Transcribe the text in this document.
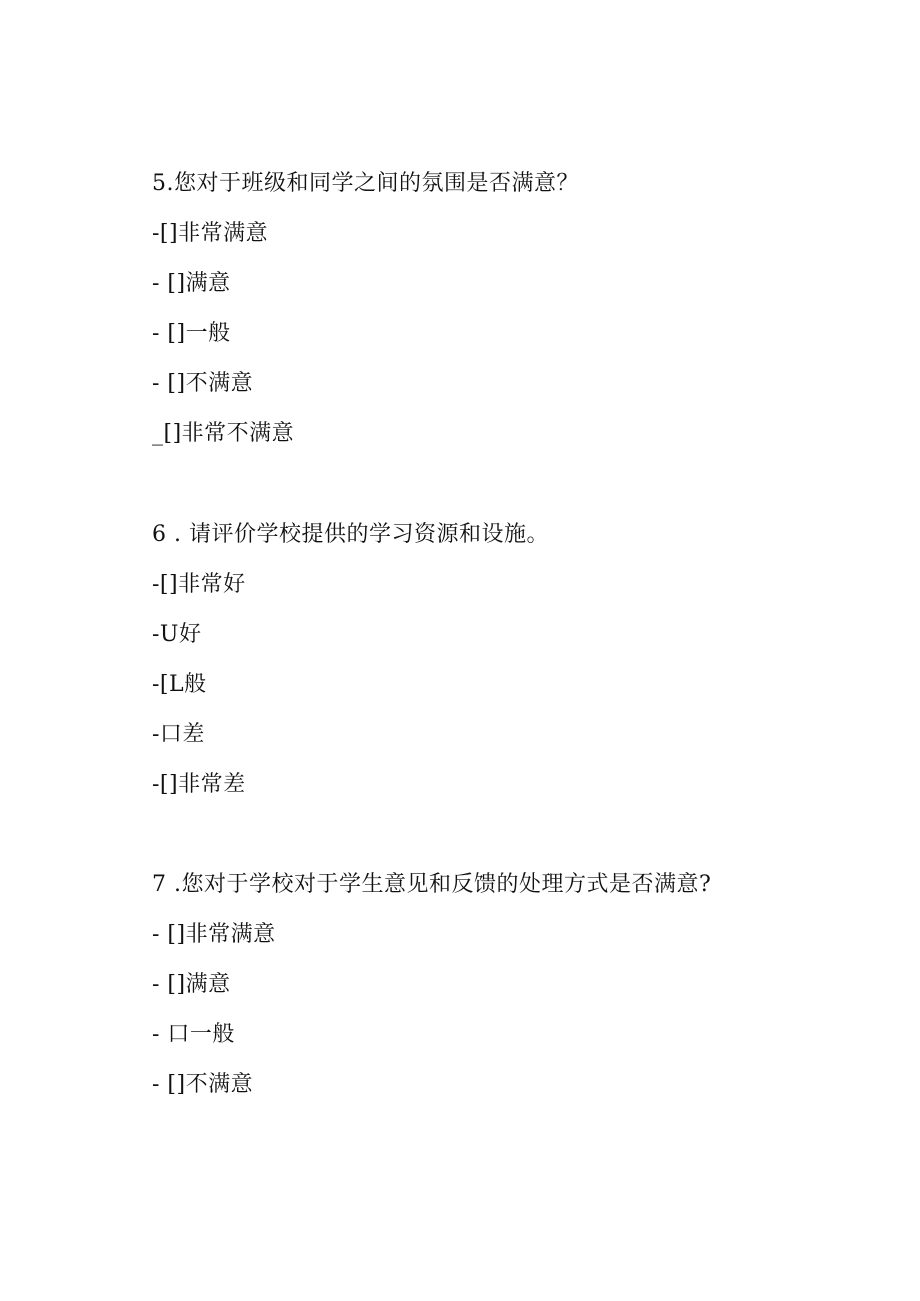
5.您对于班级和同学之间的氛围是否满意？
-[]非常满意
- []满意
- []一般
- []不满意
_[]非常不满意
6 . 请评价学校提供的学习资源和设施。
-[]非常好
-U好
-[L般
-口差
-[]非常差
7 .您对于学校对于学生意见和反馈的处理方式是否满意?
- []非常满意
- []满意
- 口一般
- []不满意
